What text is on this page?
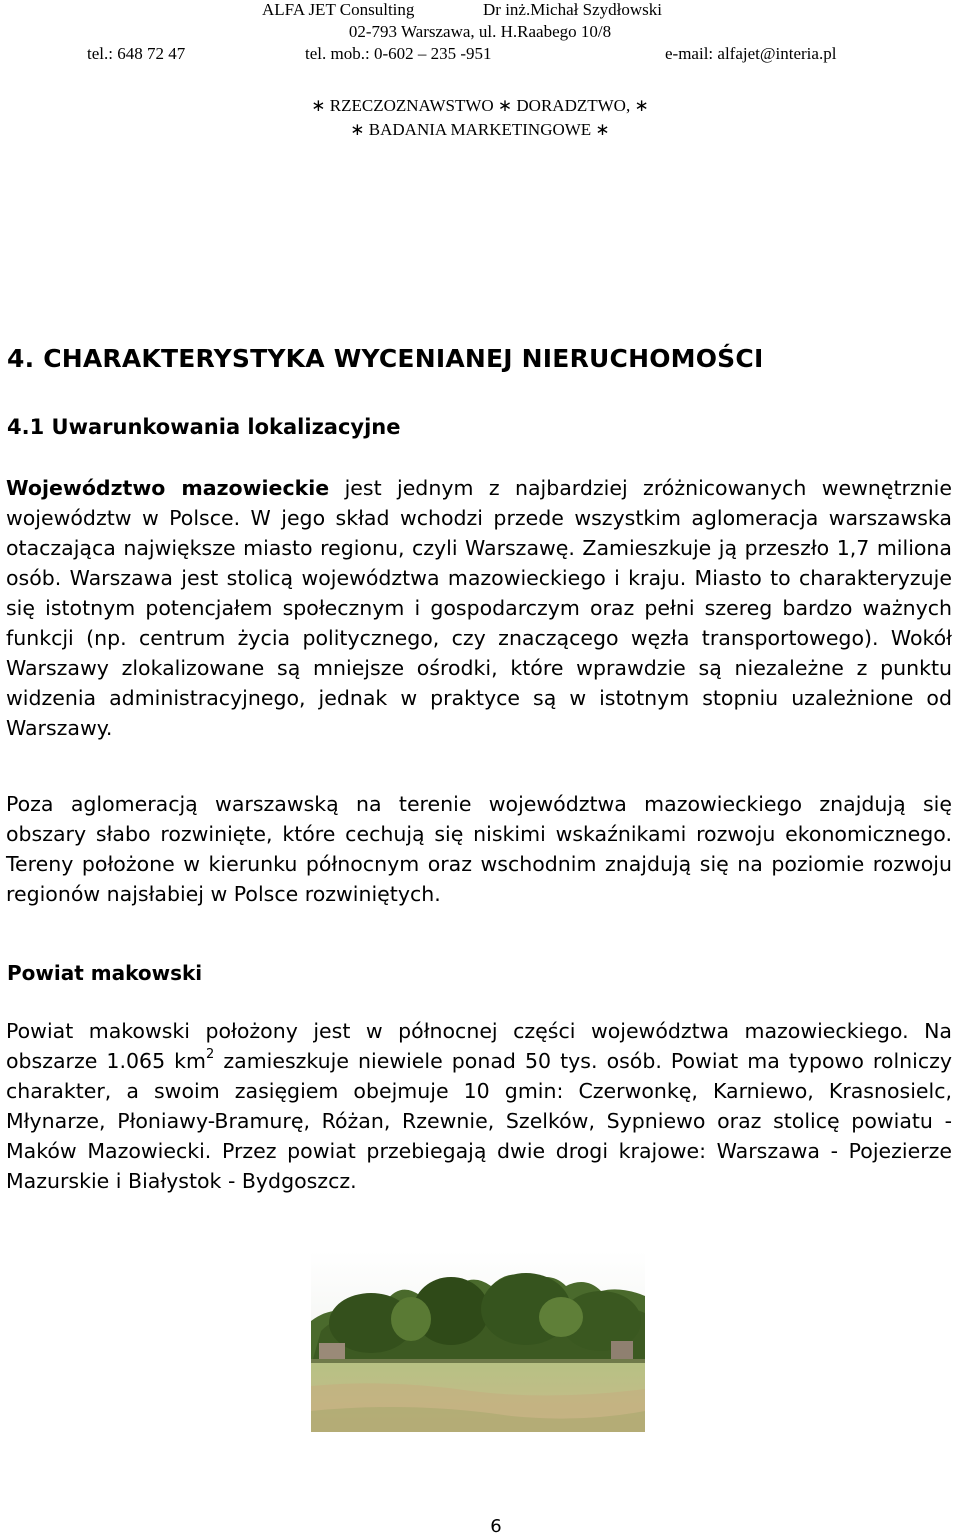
ALFA JET Consulting	Dr inż.Michał Szydłowski
02-793 Warszawa, ul. H.Raabego 10/8
tel.: 648 72 47	tel. mob.: 0-602 – 235 -951	e-mail: alfajet@interia.pl
∗ RZECZOZNAWSTWO ∗ DORADZTWO, ∗
∗ BADANIA MARKETINGOWE ∗
4. CHARAKTERYSTYKA WYCENIANEJ NIERUCHOMOŚCI
4.1 Uwarunkowania lokalizacyjne

Województwo mazowieckie jest jednym z najbardziej zróżnicowanych wewnętrznie województw w Polsce. W jego skład wchodzi przede wszystkim aglomeracja warszawska otaczająca największe miasto regionu, czyli Warszawę. Zamieszkuje ją przeszło 1,7 miliona osób. Warszawa jest stolicą województwa mazowieckiego i kraju. Miasto to charakteryzuje się istotnym potencjałem społecznym i gospodarczym oraz pełni szereg bardzo ważnych funkcji (np. centrum życia politycznego, czy znaczącego węzła transportowego). Wokół Warszawy zlokalizowane są mniejsze ośrodki, które wprawdzie są niezależne z punktu widzenia administracyjnego, jednak w praktyce są w istotnym stopniu uzależnione od Warszawy.

Poza aglomeracją warszawską na terenie województwa mazowieckiego znajdują się obszary słabo rozwinięte, które cechują się niskimi wskaźnikami rozwoju ekonomicznego. Tereny położone w kierunku północnym oraz wschodnim znajdują się na poziomie rozwoju regionów najsłabiej w Polsce rozwiniętych.

Powiat makowski

Powiat makowski położony jest w północnej części województwa mazowieckiego. Na obszarze 1.065 $km^2$ zamieszkuje niewiele ponad 50 tys. osób. Powiat ma typowo rolniczy charakter, a swoim zasięgiem obejmuje 10 gmin: Czerwonkę, Karniewo, Krasnosielc, Młynarze, Płoniawy-Bramurę, Różan, Rzewnie, Szelków, Sypniewo oraz stolicę powiatu - Maków Mazowiecki. Przez powiat przebiegają dwie drogi krajowe: Warszawa - Pojezierze Mazurskie i Białystok - Bydgoszcz.

6
